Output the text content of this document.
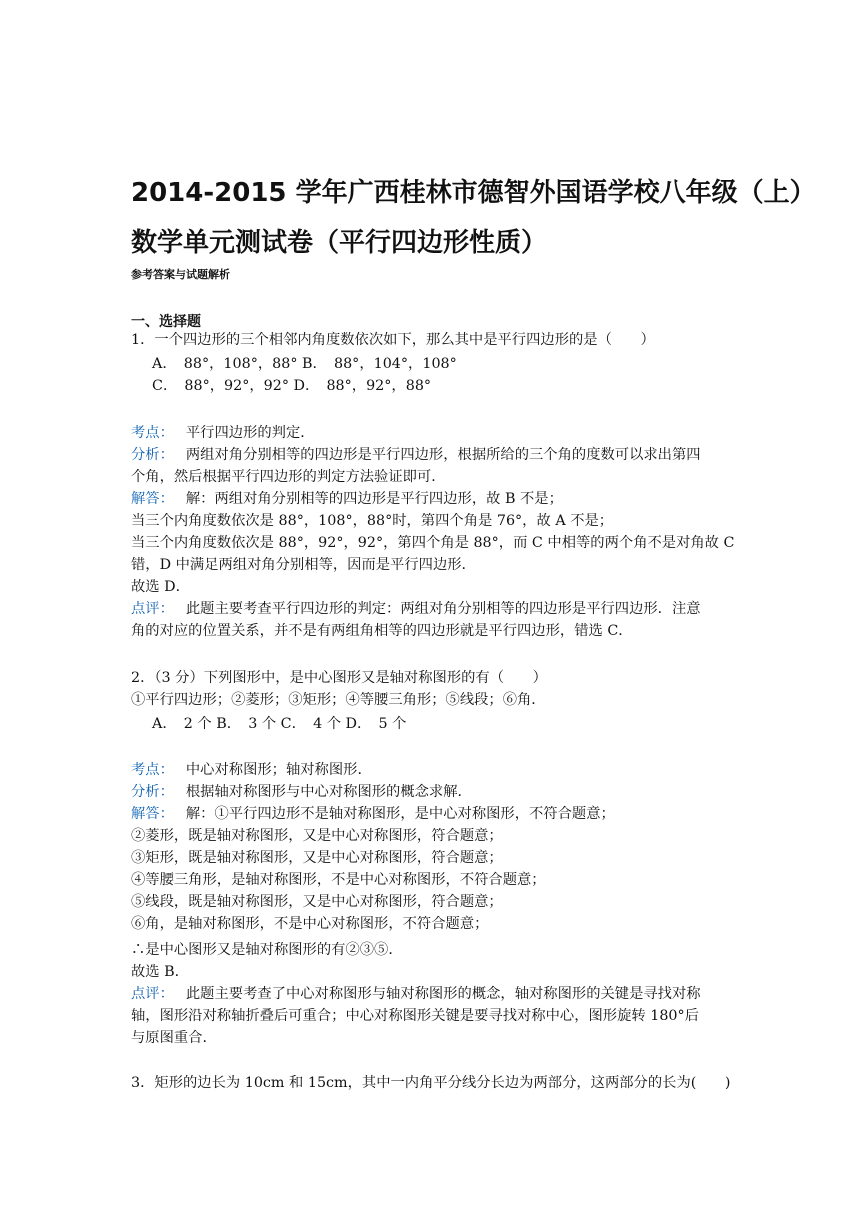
2014-2015 学年广西桂林市德智外国语学校八年级（上）
数学单元测试卷（平行四边形性质）

参考答案与试题解析

一、选择题

1．一个四边形的三个相邻内角度数依次如下，那么其中是平行四边形的是（　　）

A．　88°，108°，88° B．　88°，104°，108°

C．　88°，92°，92° D．　88°，92°，88°

考点： 平行四边形的判定．

分析： 两组对角分别相等的四边形是平行四边形，根据所给的三个角的度数可以求出第四

个角，然后根据平行四边形的判定方法验证即可．

解答： 解：两组对角分别相等的四边形是平行四边形，故 B 不是；

当三个内角度数依次是 88°，108°，88°时，第四个角是 76°，故 A 不是；

当三个内角度数依次是 88°，92°，92°，第四个角是 88°，而 C 中相等的两个角不是对角故 C

错，D 中满足两组对角分别相等，因而是平行四边形．

故选 D．

点评： 此题主要考查平行四边形的判定：两组对角分别相等的四边形是平行四边形．注意

角的对应的位置关系，并不是有两组角相等的四边形就是平行四边形，错选 C．

2．（3 分）下列图形中，是中心图形又是轴对称图形的有（　　）

①平行四边形；②菱形；③矩形；④等腰三角形；⑤线段；⑥角．

A．　2 个 B．　3 个 C．　4 个 D．　5 个

考点： 中心对称图形；轴对称图形．

分析： 根据轴对称图形与中心对称图形的概念求解．

解答： 解：①平行四边形不是轴对称图形，是中心对称图形，不符合题意；

②菱形，既是轴对称图形，又是中心对称图形，符合题意；

③矩形，既是轴对称图形，又是中心对称图形，符合题意；

④等腰三角形，是轴对称图形，不是中心对称图形，不符合题意；

⑤线段，既是轴对称图形，又是中心对称图形，符合题意；

⑥角，是轴对称图形，不是中心对称图形，不符合题意；

∴是中心图形又是轴对称图形的有②③⑤．

故选 B．

点评： 此题主要考查了中心对称图形与轴对称图形的概念，轴对称图形的关键是寻找对称

轴，图形沿对称轴折叠后可重合；中心对称图形关键是要寻找对称中心，图形旋转 180°后

与原图重合．

3．矩形的边长为 10cm 和 15cm，其中一内角平分线分长边为两部分，这两部分的长为(　　)
